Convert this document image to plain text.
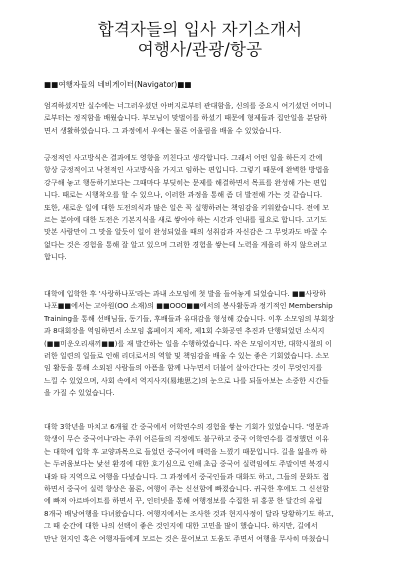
합격자들의 입사 자기소개서
여행사/관광/항공
■■여행자들의 네비게이터(Navigator)■■
엄격하셨지만 실수에는 너그러우셨던 아버지로부터 관대함을, 신의를 중요시 여기셨던 어머니
로부터는 정직함을 배웠습니다. 부모님이 맞벌이를 하셨기 때문에 형제들과 집안일을 분담하
면서 생활하였습니다. 그 과정에서 우애는 물론 어울림을 배울 수 있었습니다.
긍정적인 사고방식은 결과에도 영향을 끼친다고 생각합니다. 그래서 어떤 일을 하든지 간에
항상 긍정적이고 낙천적인 사고방식을 가지고 임하는 편입니다. 그렇기 때문에 완벽한 방법을
강구해 놓고 행동하기보다는 그때마다 부딪히는 문제를 해결하면서 목표를 완성해 가는 편입
니다. 때로는 시행착오를 할 수 있으나, 이러한 과정을 통해 좀 더 발전해 가는 것 같습니다.
또한, 새로운 일에 대한 도전의식과 많은 일은 꼭 실행하려는 책임감을 키워왔습니다. 전에 모
르는 분야에 대한 도전은 기본지식을 새로 쌓아야 하는 시간과 인내를 필요로 합니다. 고기도
맛본 사람만이 그 맛을 알듯이 일이 완성되었을 때의 성취감과 자신감은 그 무엇과도 바꿀 수
없다는 것은 경험을 통해 잘 알고 있으며 그러한 경험을 쌓는데 노력을 게을리 하지 않으려고
합니다.
대학에 입학한 후 '사랑하나포'라는 과내 소모임에 첫 발을 들여놓게 되었습니다. ■■사랑하
나포■■에서는 고아원(OO 소재)의 ■■OOO■■에서의 봉사활동과 정기적인 Membership
Training을 통해 선배님들, 동기들, 후배들과 유대감을 형성해 갔습니다. 이후 소모임의 부회장
과 8대회장을 역임하면서 소모임 홈페이지 제작, 제1회 수화공연 추진과 단행되었던 소식지
(■■미운오리새끼■■)를 재 발간하는 일을 수행하였습니다. 작은 모임이지만, 대학시절의 이
러한 일련의 일들로 인해 리더로서의 역할 및 책임감을 배울 수 있는 좋은 기회였습니다. 소모
임 활동을 통해 소외된 사람들의 아픔을 함께 나누면서 더불어 살아간다는 것이 무엇인지를
느낄 수 있었으며, 사회 속에서 역지사지(易地思之)의 눈으로 나를 되돌아보는 소중한 시간들
을 가질 수 있었습니다.
대학 3학년을 마치고 6개월 간 중국에서 어학연수의 경험을 쌓는 기회가 있었습니다. '영문과
학생이 무슨 중국어냐'라는 주위 어른들의 걱정에도 불구하고 중국 어학연수를 결정했던 이유
는 대학에 입학 후 교양과목으로 들었던 중국어에 매력을 느꼈기 때문입니다. 길을 잃을까 하
는 두려움보다는 낯선 환경에 대한 호기심으로 인해 초급 중국어 실력임에도 주말이면 북경시
내와 타 지역으로 여행을 다녔습니다. 그 과정에서 중국인들과 대화도 하고, 그들의 문화도 접
하면서 중국어 실력 향상은 물론, 여행이 주는 신선함에 빠졌습니다. 귀국한 후에도 그 신선함
에 빠져 아르바이트를 하면서 꾸, 인터넷을 통해 여행정보를 수집한 뒤 홍콩 한 달간의 유럽
8개국 배낭여행을 다녀왔습니다. 여행지에서는 조사한 것과 현지사정이 달라 당황하기도 하고,
그 때 순간에 대한 나의 선택이 좋은 것인지에 대한 고민을 많이 했습니다. 하지만, 길에서
만난 현지인 혹은 여행자들에게 모르는 것은 묻어보고 도움도 주면서 여행을 무사히 마쳤습니
